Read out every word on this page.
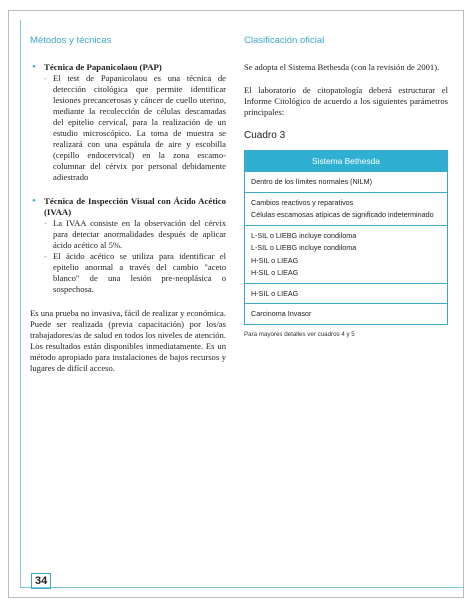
34
Métodos y técnicas
• Técnica de Papanicolaou (PAP)
- El test de Papanicolaou es una técnica de detección citológica que permite identificar lesiones precancerosas y cáncer de cuello uterino, mediante la recolección de células descamadas del epitelio cervical, para la realización de un estudio microscópico. La toma de muestra se realizará con una espátula de aire y escobilla (cepillo endocervical) en la zona escamo-columnar del cérvix por personal debidamente adiestrado
• Técnica de Inspección Visual con Ácido Acético (IVAA)
- La IVAA consiste en la observación del cérvix para detectar anormalidades después de aplicar ácido acético al 5%.
- El ácido acético se utiliza para identificar el epitelio anormal a través del cambio "aceto blanco" de una lesión pre-neoplásica o sospechosa.

Es una prueba no invasiva, fácil de realizar y económica. Puede ser realizada (previa capacitación) por los/as trabajadores/as de salud en todos los niveles de atención. Los resultados están disponibles inmediatamente. Es un método apropiado para instalaciones de bajos recursos y lugares de difícil acceso.

Clasificación oficial

Se adopta el Sistema Bethesda (con la revisión de 2001).

El laboratorio de citopatología deberá estructurar el Informe Citológico de acuerdo a los siguientes parámetros principales:

Cuadro 3
Sistema Bethesda
Dentro de los límites normales (NILM)
Cambios reactivos y reparativos
Células escamosas atípicas de significado indeterminado
L-SIL o LIEBG incluye condiloma
L-SIL o LIEBG incluye condiloma
H-SIL o LIEAG
H-SIL o LIEAG
H-SIL o LIEAG
Carcinoma Invasor
Para mayores detalles ver cuadros 4 y 5
